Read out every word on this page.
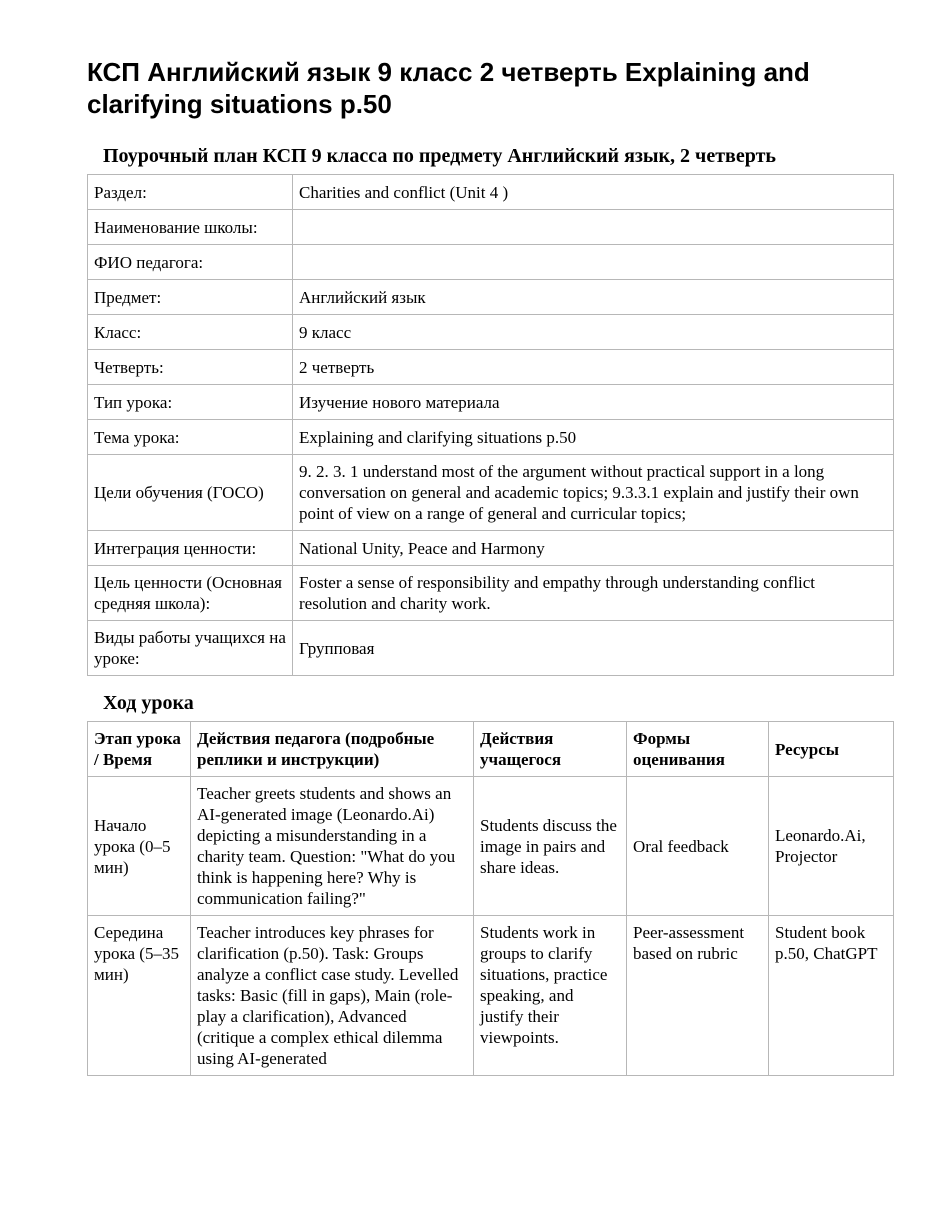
КСП Английский язык 9 класс 2 четверть Explaining and clarifying situations p.50
Поурочный план КСП 9 класса по предмету Английский язык, 2 четверть
Раздел:	Charities and conflict (Unit 4 )
Наименование школы:	
ФИО педагога:	
Предмет:	Английский язык
Класс:	9 класс
Четверть:	2 четверть
Тип урока:	Изучение нового материала
Тема урока:	Explaining and clarifying situations p.50
Цели обучения (ГОСО)	9. 2. 3. 1 understand most of the argument without practical support in a long conversation on general and academic topics; 9.3.3.1 explain and justify their own point of view on a range of general and curricular topics;
Интеграция ценности:	National Unity, Peace and Harmony
Цель ценности (Основная средняя школа):	Foster a sense of responsibility and empathy through understanding conflict resolution and charity work.
Виды работы учащихся на уроке:	Групповая
Ход урока
Этап урока / Время	Действия педагога (подробные реплики и инструкции)	Действия учащегося	Формы оценивания	Ресурсы
Начало урока (0–5 мин)	Teacher greets students and shows an AI-generated image (Leonardo.Ai) depicting a misunderstanding in a charity team. Question: "What do you think is happening here? Why is communication failing?"	Students discuss the image in pairs and share ideas.	Oral feedback	Leonardo.Ai, Projector
Середина урока (5–35 мин)	Teacher introduces key phrases for clarification (p.50). Task: Groups analyze a conflict case study. Levelled tasks: Basic (fill in gaps), Main (role-play a clarification), Advanced (critique a complex ethical dilemma using AI-generated	Students work in groups to clarify situations, practice speaking, and justify their viewpoints.	Peer-assessment based on rubric	Student book p.50, ChatGPT
